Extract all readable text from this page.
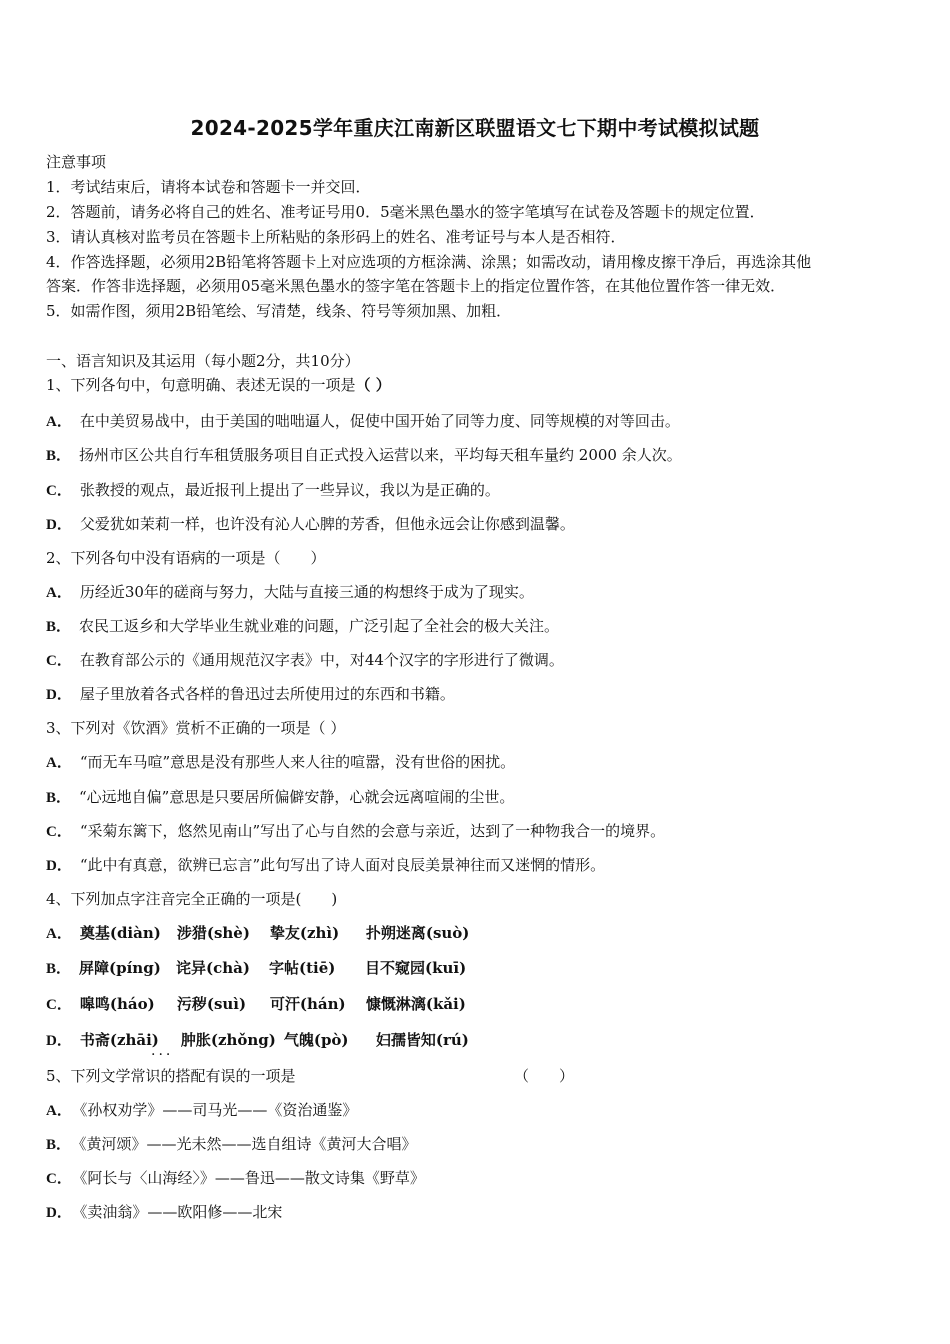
2024-2025学年重庆江南新区联盟语文七下期中考试模拟试题
注意事项
1．考试结束后，请将本试卷和答题卡一并交回．
2．答题前，请务必将自己的姓名、准考证号用0．5毫米黑色墨水的签字笔填写在试卷及答题卡的规定位置．
3．请认真核对监考员在答题卡上所粘贴的条形码上的姓名、准考证号与本人是否相符．
4．作答选择题，必须用2B铅笔将答题卡上对应选项的方框涂满、涂黑；如需改动，请用橡皮擦干净后，再选涂其他
答案．作答非选择题，必须用05毫米黑色墨水的签字笔在答题卡上的指定位置作答，在其他位置作答一律无效．
5．如需作图，须用2B铅笔绘、写清楚，线条、符号等须加黑、加粗．
一、语言知识及其运用（每小题2分，共10分）
1、下列各句中，句意明确、表述无误的一项是（ ）
A． 在中美贸易战中，由于美国的咄咄逼人，促使中国开始了同等力度、同等规模的对等回击。
B． 扬州市区公共自行车租赁服务项目自正式投入运营以来，平均每天租车量约 2000 余人次。
C． 张教授的观点，最近报刊上提出了一些异议，我以为是正确的。
D． 父爱犹如茉莉一样，也许没有沁人心脾的芳香，但他永远会让你感到温馨。
2、下列各句中没有语病的一项是（　　）
A． 历经近30年的磋商与努力，大陆与直接三通的构想终于成为了现实。
B． 农民工返乡和大学毕业生就业难的问题，广泛引起了全社会的极大关注。
C． 在教育部公示的《通用规范汉字表》中，对44个汉字的字形进行了微调。
D． 屋子里放着各式各样的鲁迅过去所使用过的东西和书籍。
3、下列对《饮酒》赏析不正确的一项是（ ）
A． “而无车马喧”意思是没有那些人来人往的喧嚣，没有世俗的困扰。
B． “心远地自偏”意思是只要居所偏僻安静，心就会远离喧闹的尘世。
C． “采菊东篱下，悠然见南山”写出了心与自然的会意与亲近，达到了一种物我合一的境界。
D． “此中有真意，欲辨已忘言”此句写出了诗人面对良辰美景神往而又迷惘的情形。
4、下列加点字注音完全正确的一项是(　　)
A． 奠基(diàn) 涉猎(shè) 挚友(zhì) 扑朔迷离(suò)
B． 屏障(píng) 诧异(chà) 字帖(tiē) 目不窥园(kuī)
C． 嗥鸣(háo) 污秽(suì) 可汗(hán) 慷慨淋漓(kǎi)
D． 书斋(zhāi) 肿胀(zhǒng) 气魄(pò) 妇孺皆知(rú)
...
5、下列文学常识的搭配有误的一项是	（　　）
A． 《孙权劝学》——司马光——《资治通鉴》
B． 《黄河颂》——光未然——选自组诗《黄河大合唱》
C． 《阿长与〈山海经〉》——鲁迅——散文诗集《野草》
D． 《卖油翁》——欧阳修——北宋
